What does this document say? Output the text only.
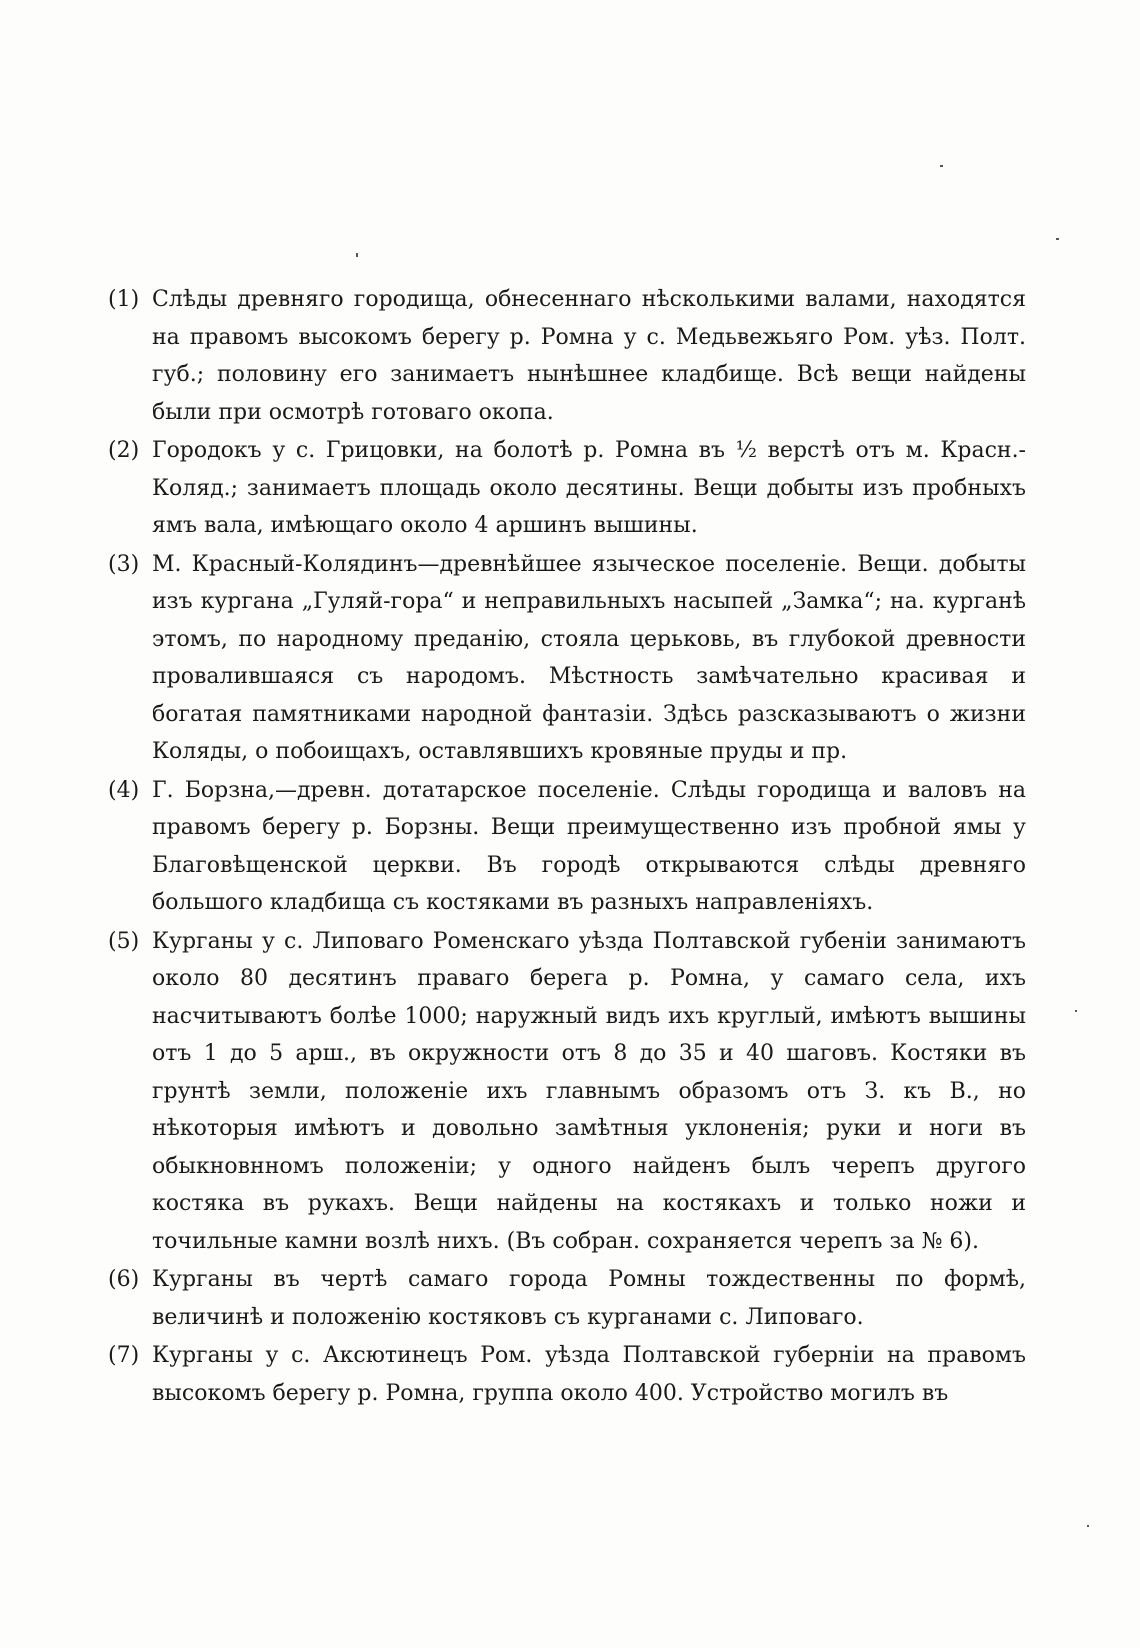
(1) Слѣды древняго городища, обнесеннаго нѣсколькими валами, находятся на правомъ высокомъ берегу р. Ромна у с. Медьвежьяго Ром. уѣз. Полт. губ.; половину его занимаетъ нынѣшнее кладбище. Всѣ вещи найдены были при осмотрѣ готоваго окопа.
(2) Городокъ у с. Грицовки, на болотѣ р. Ромна въ ½ верстѣ отъ м. Красн.-Коляд.; занимаетъ площадь около десятины. Вещи добыты изъ пробныхъ ямъ вала, имѣющаго около 4 аршинъ вышины.
(3) М. Красный-Колядинъ—древнѣйшее языческое поселеніе. Вещи. добыты изъ кургана „Гуляй-гора“ и неправильныхъ насыпей „Замка“; на. курганѣ этомъ, по народному преданію, стояла церьковь, въ глубокой древности провалившаяся съ народомъ. Мѣстность замѣчательно красивая и богатая памятниками народной фантазіи. Здѣсь разсказываютъ о жизни Коляды, о побоищахъ, оставлявшихъ кровяные пруды и пр.
(4) Г. Борзна,—древн. дотатарское поселеніе. Слѣды городища и валовъ на правомъ берегу р. Борзны. Вещи преимущественно изъ пробной ямы у Благовѣщенской церкви. Въ городѣ открываются слѣды древняго большого кладбища съ костяками въ разныхъ направленіяхъ.
(5) Курганы у с. Липоваго Роменскаго уѣзда Полтавской губеніи занимаютъ около 80 десятинъ праваго берега р. Ромна, у самаго села, ихъ насчитываютъ болѣе 1000; наружный видъ ихъ круглый, имѣютъ вышины отъ 1 до 5 арш., въ окружности отъ 8 до 35 и 40 шаговъ. Костяки въ грунтѣ земли, положеніе ихъ главнымъ образомъ отъ З. къ В., но нѣкоторыя имѣютъ и довольно замѣтныя уклоненія; руки и ноги въ обыкновнномъ положеніи; у одного найденъ былъ черепъ другого костяка въ рукахъ. Вещи найдены на костякахъ и только ножи и точильные камни возлѣ нихъ. (Въ собран. сохраняется черепъ за № 6).
(6) Курганы въ чертѣ самаго города Ромны тождественны по формѣ, величинѣ и положенію костяковъ съ курганами с. Липоваго.
(7) Курганы у с. Аксютинецъ Ром. уѣзда Полтавской губерніи на правомъ высокомъ берегу р. Ромна, группа около 400. Устройство могилъ въ
